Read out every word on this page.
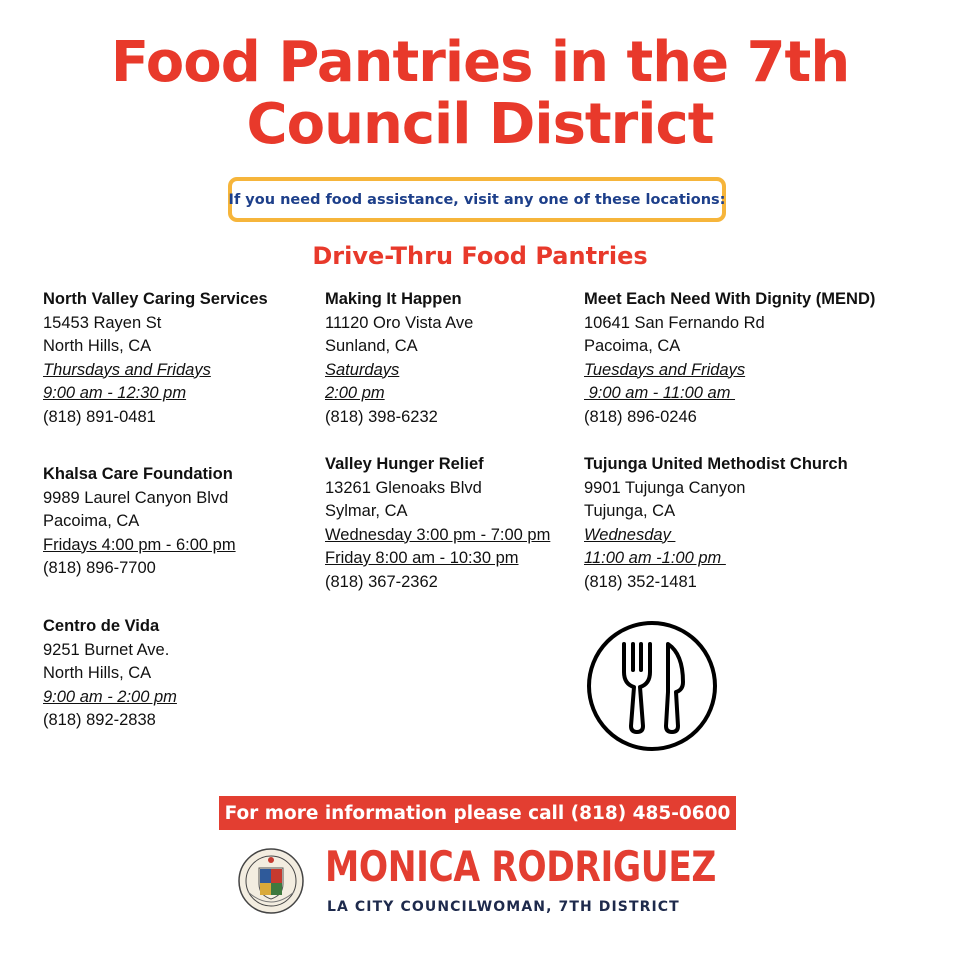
Food Pantries in the 7th
Council District
If you need food assistance, visit any one of these locations:
Drive-Thru Food Pantries
North Valley Caring Services
15453 Rayen St
North Hills, CA
Thursdays and Fridays
9:00 am - 12:30 pm
(818) 891-0481
Khalsa Care Foundation
9989 Laurel Canyon Blvd
Pacoima, CA
Fridays 4:00 pm - 6:00 pm
(818) 896-7700
Centro de Vida
9251 Burnet Ave.
North Hills, CA
9:00 am - 2:00 pm
(818) 892-2838
Making It Happen
11120 Oro Vista Ave
Sunland, CA
Saturdays
2:00 pm
(818) 398-6232
Valley Hunger Relief
13261 Glenoaks Blvd
Sylmar, CA
Wednesday 3:00 pm - 7:00 pm
Friday 8:00 am - 10:30 pm
(818) 367-2362
Meet Each Need With Dignity (MEND)
10641 San Fernando Rd
Pacoima, CA
Tuesdays and Fridays
9:00 am - 11:00 am
(818) 896-0246
Tujunga United Methodist Church
9901 Tujunga Canyon
Tujunga, CA
Wednesday
11:00 am -1:00 pm
(818) 352-1481
For more information please call (818) 485-0600
MONICA RODRIGUEZ
LA CITY COUNCILWOMAN, 7TH DISTRICT
